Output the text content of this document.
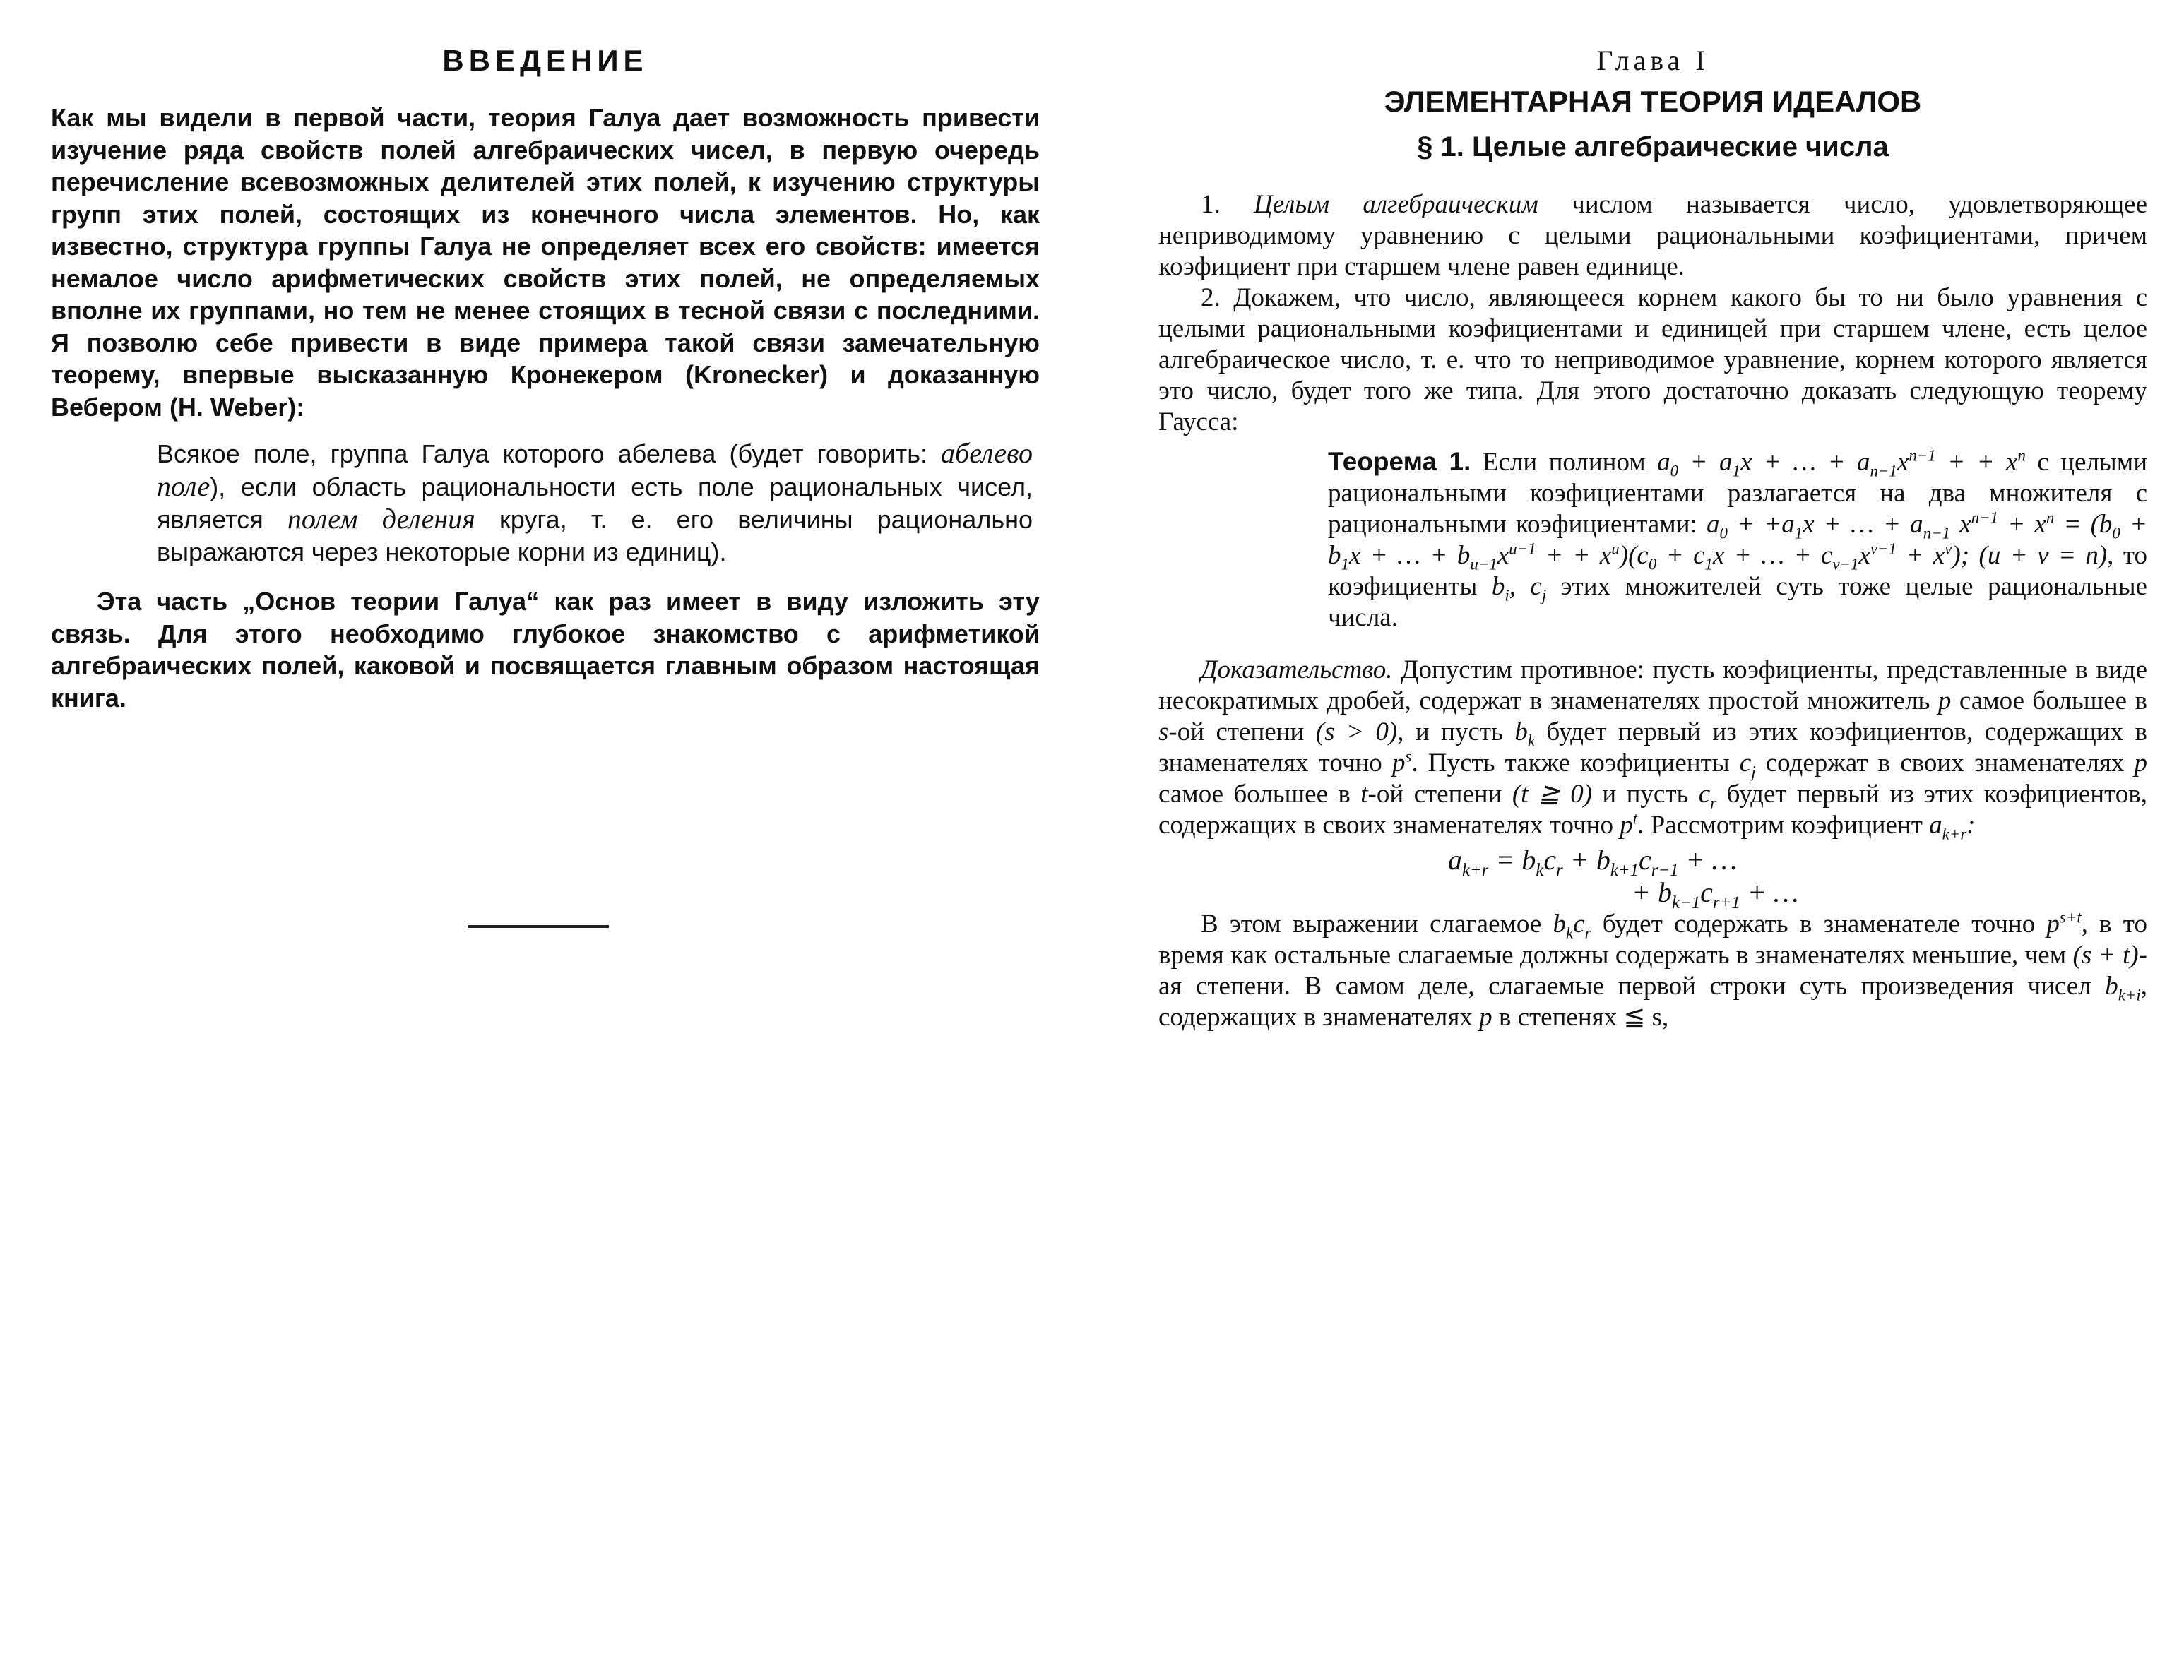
ВВЕДЕНИЕ

Как мы видели в первой части, теория Галуа дает возможность привести изучение ряда свойств полей алгебраических чисел, в первую очередь перечисление всевозможных делителей этих полей, к изучению структуры групп этих полей, состоящих из конечного числа элементов. Но, как известно, структура группы Галуа не определяет всех его свойств: имеется немалое число арифметических свойств этих полей, не определяемых вполне их группами, но тем не менее стоящих в тесной связи с последними. Я позволю себе привести в виде примера такой связи замечательную теорему, впервые высказанную Кронекером (Kronecker) и доказанную Вебером (H. Weber):

Всякое поле, группа Галуа которого абелева (будет говорить: абелево поле), если область рациональности есть поле рациональных чисел, является полем деления круга, т. е. его величины рационально выражаются через некоторые корни из единиц).

Эта часть „Основ теории Галуа“ как раз имеет в виду изложить эту связь. Для этого необходимо глубокое знакомство с арифметикой алгебраических полей, каковой и посвящается главным образом настоящая книга.

Глава I
ЭЛЕМЕНТАРНАЯ ТЕОРИЯ ИДЕАЛОВ
§ 1. Целые алгебраические числа

1. Целым алгебраическим числом называется число, удовлетворяющее неприводимому уравнению с целыми рациональными коэфициентами, причем коэфициент при старшем члене равен единице.

2. Докажем, что число, являющееся корнем какого бы то ни было уравнения с целыми рациональными коэфициентами и единицей при старшем члене, есть целое алгебраическое число, т. е. что то неприводимое уравнение, корнем которого является это число, будет того же типа. Для этого достаточно доказать следующую теорему Гаусса:

Теорема 1. Если полином $a_0 + a_1x$ + … + $a_{n-1}x^{n-1}$ + + $x^n$ с целыми рациональными коэфициентами разлагается на два множителя с рациональными коэфициентами: $a_0 + +a_1x$ + … + $a_{n-1}$ $x^{n-1} + x^n = (b_0 + b_1x$ + … + $b_{u-1}x^{u-1}$ + + $x^u)(c_0 + c_1x$ + … + $c_{v-1}x^{v-1} + x^v$); (u + v = n), то коэфициенты $b_i$, $c_j$ этих множителей суть тоже целые рациональные числа.

Доказательство. Допустим противное: пусть коэфициенты, представленные в виде несократимых дробей, содержат в знаменателях простой множитель p самое большее в s-ой степени (s > 0), и пусть $b_k$ будет первый из этих коэфициентов, содержащих в знаменателях точно $p^s$. Пусть также коэфициенты $c_j$ содержат в своих знаменателях p самое большее в t-ой степени (t ≧ 0) и пусть $c_r$ будет первый из этих коэфициентов, содержащих в своих знаменателях точно $p^t$. Рассмотрим коэфициент $a_{k+r}$:

$a_{k+r} = b_kc_r + b_{k+1}c_{r-1}$ + …
+ $b_{k-1}c_{r+1}$ + …

В этом выражении слагаемое $b_kc_r$ будет содержать в знаменателе точно $p^{s+t}$, в то время как остальные слагаемые должны содержать в знаменателях меньшие, чем (s + t)-ая степени. В самом деле, слагаемые первой строки суть произведения чисел $b_{k+i}$, содержащих в знаменателях p в степенях ≦ s,
